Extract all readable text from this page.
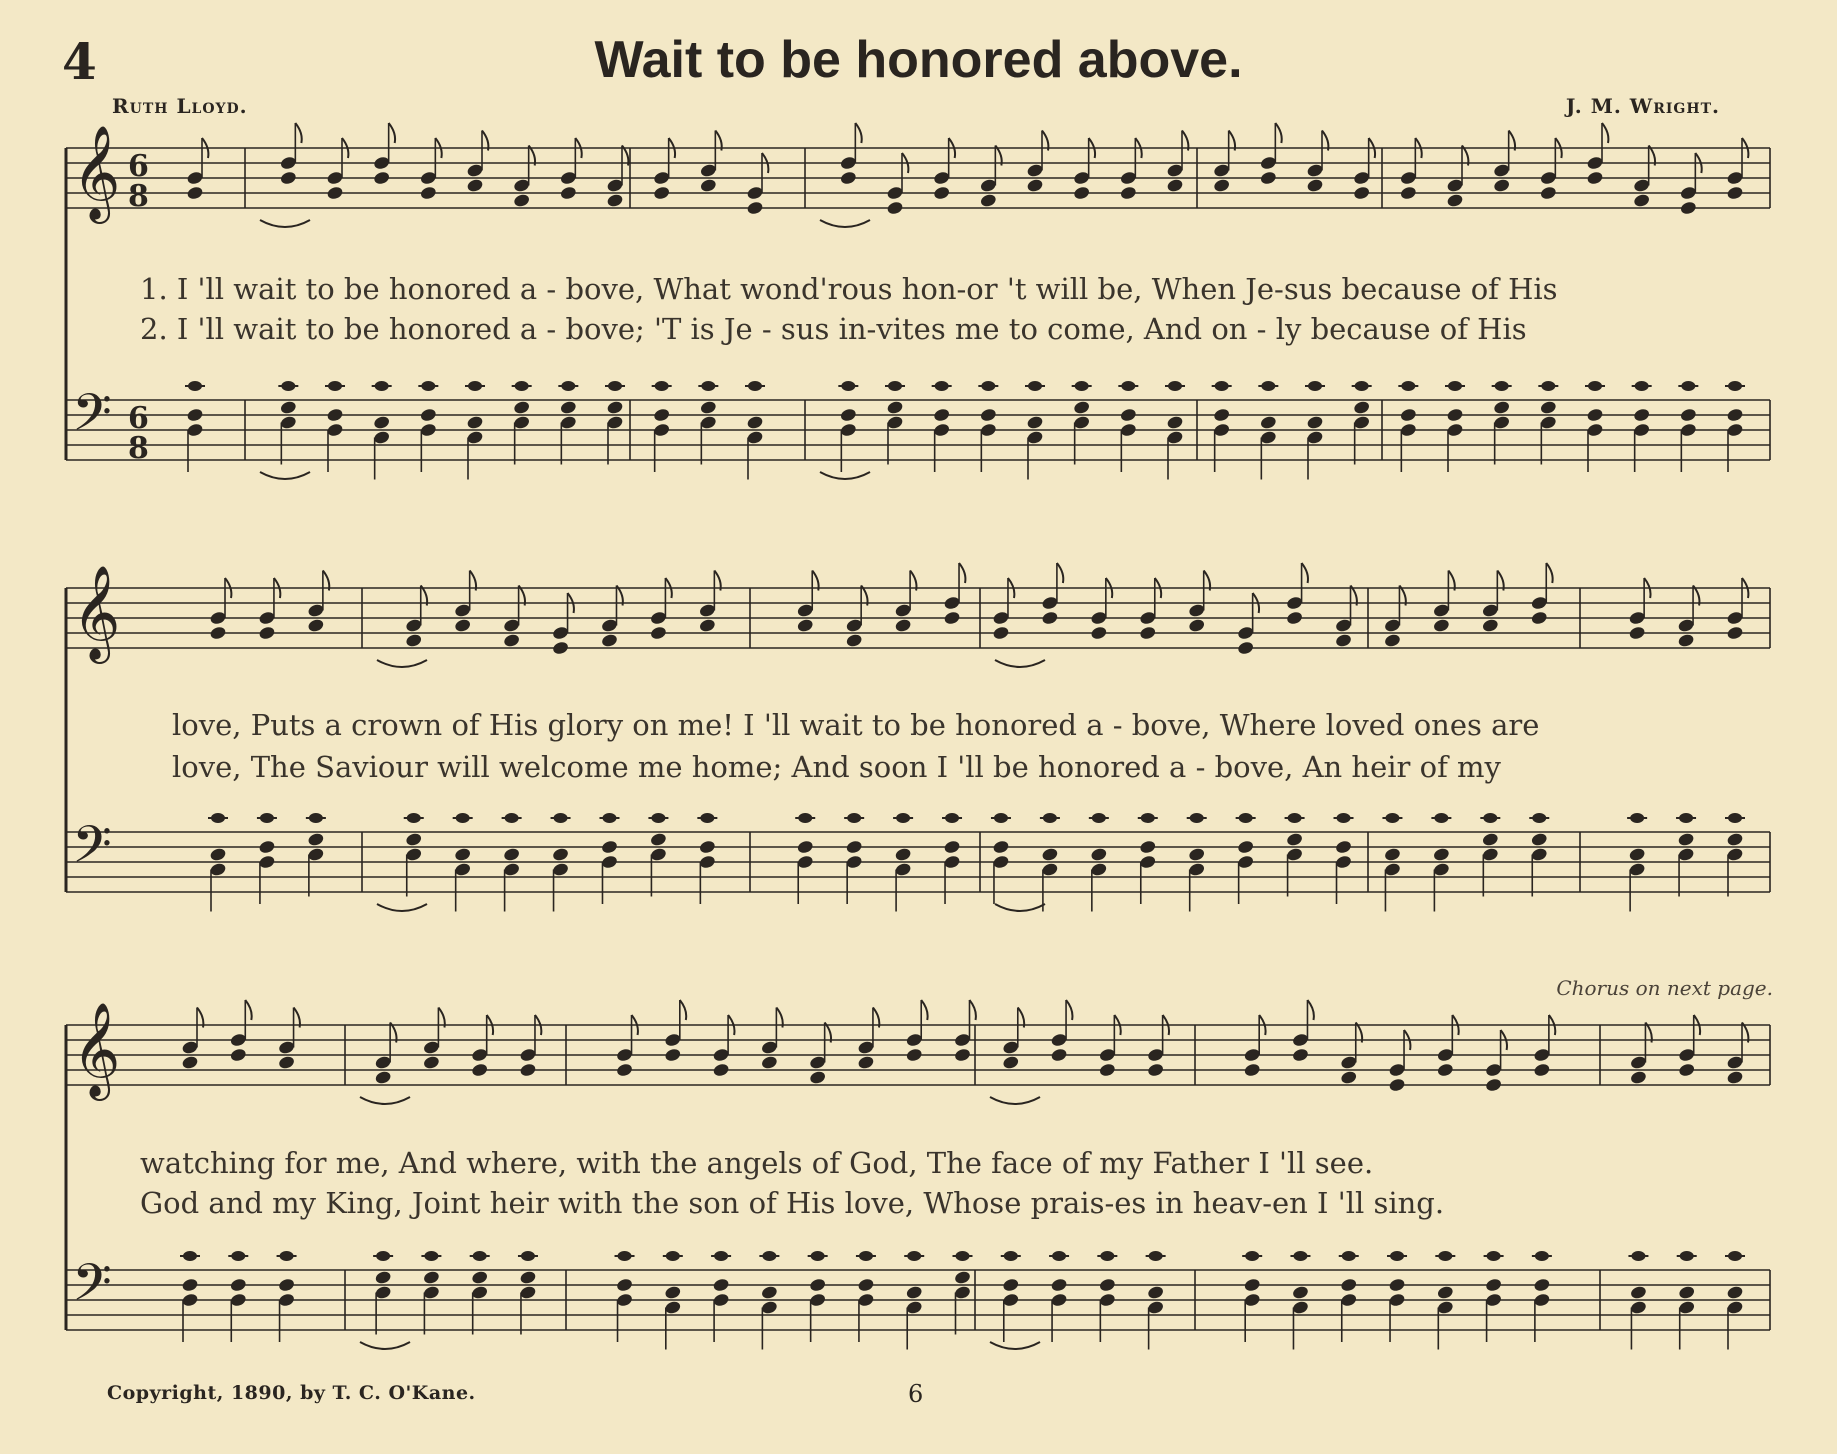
4	Wait to be honored above.
Ruth Lloyd.	J. M. Wright.
𝄞 6
8
𝄢 6
8
𝄞
𝄢
𝄞
𝄢
1. I 'll wait to be honored a - bove, What wond'rous hon-or 't will be, When Je-sus because of His
2. I 'll wait to be honored a - bove; 'T is Je - sus in-vites me to come, And on - ly because of His
love, Puts a crown of His glory on me! I 'll wait to be honored a - bove, Where loved ones are
love, The Saviour will welcome me home; And soon I 'll be honored a - bove, An heir of my
watching for me, And where, with the angels of God, The face of my Father I 'll see.
God and my King, Joint heir with the son of His love, Whose prais-es in heav-en I 'll sing.
Chorus on next page.
Copyright, 1890, by T. C. O'Kane.	6
